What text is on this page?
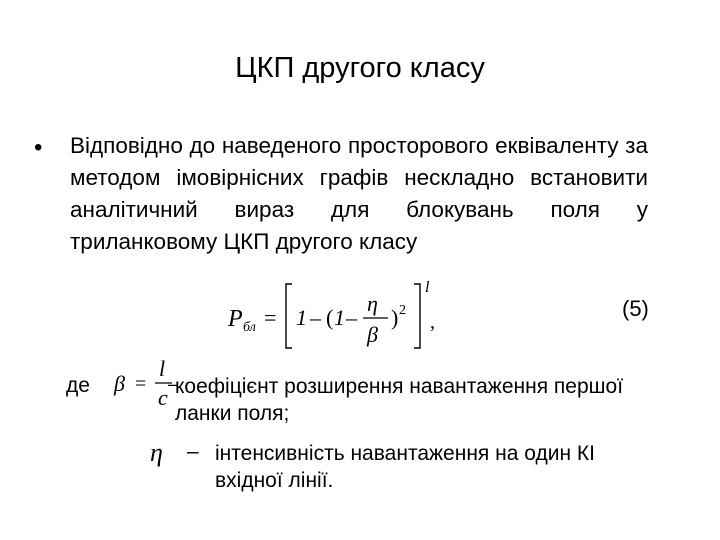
ЦКП другого класу
• Відповідно до наведеного просторового еквіваленту за методом імовірнісних графів нескладно встановити аналітичний вираз для блокувань поля у триланковому ЦКП другого класу
P бл = 1 – ( 1 –
η
β
) 2
l
,
(5)
де β =
l
c
–
коефіцієнт розширення навантаження першої ланки поля;
η – інтенсивність навантаження на один КІ вхідної лінії.
